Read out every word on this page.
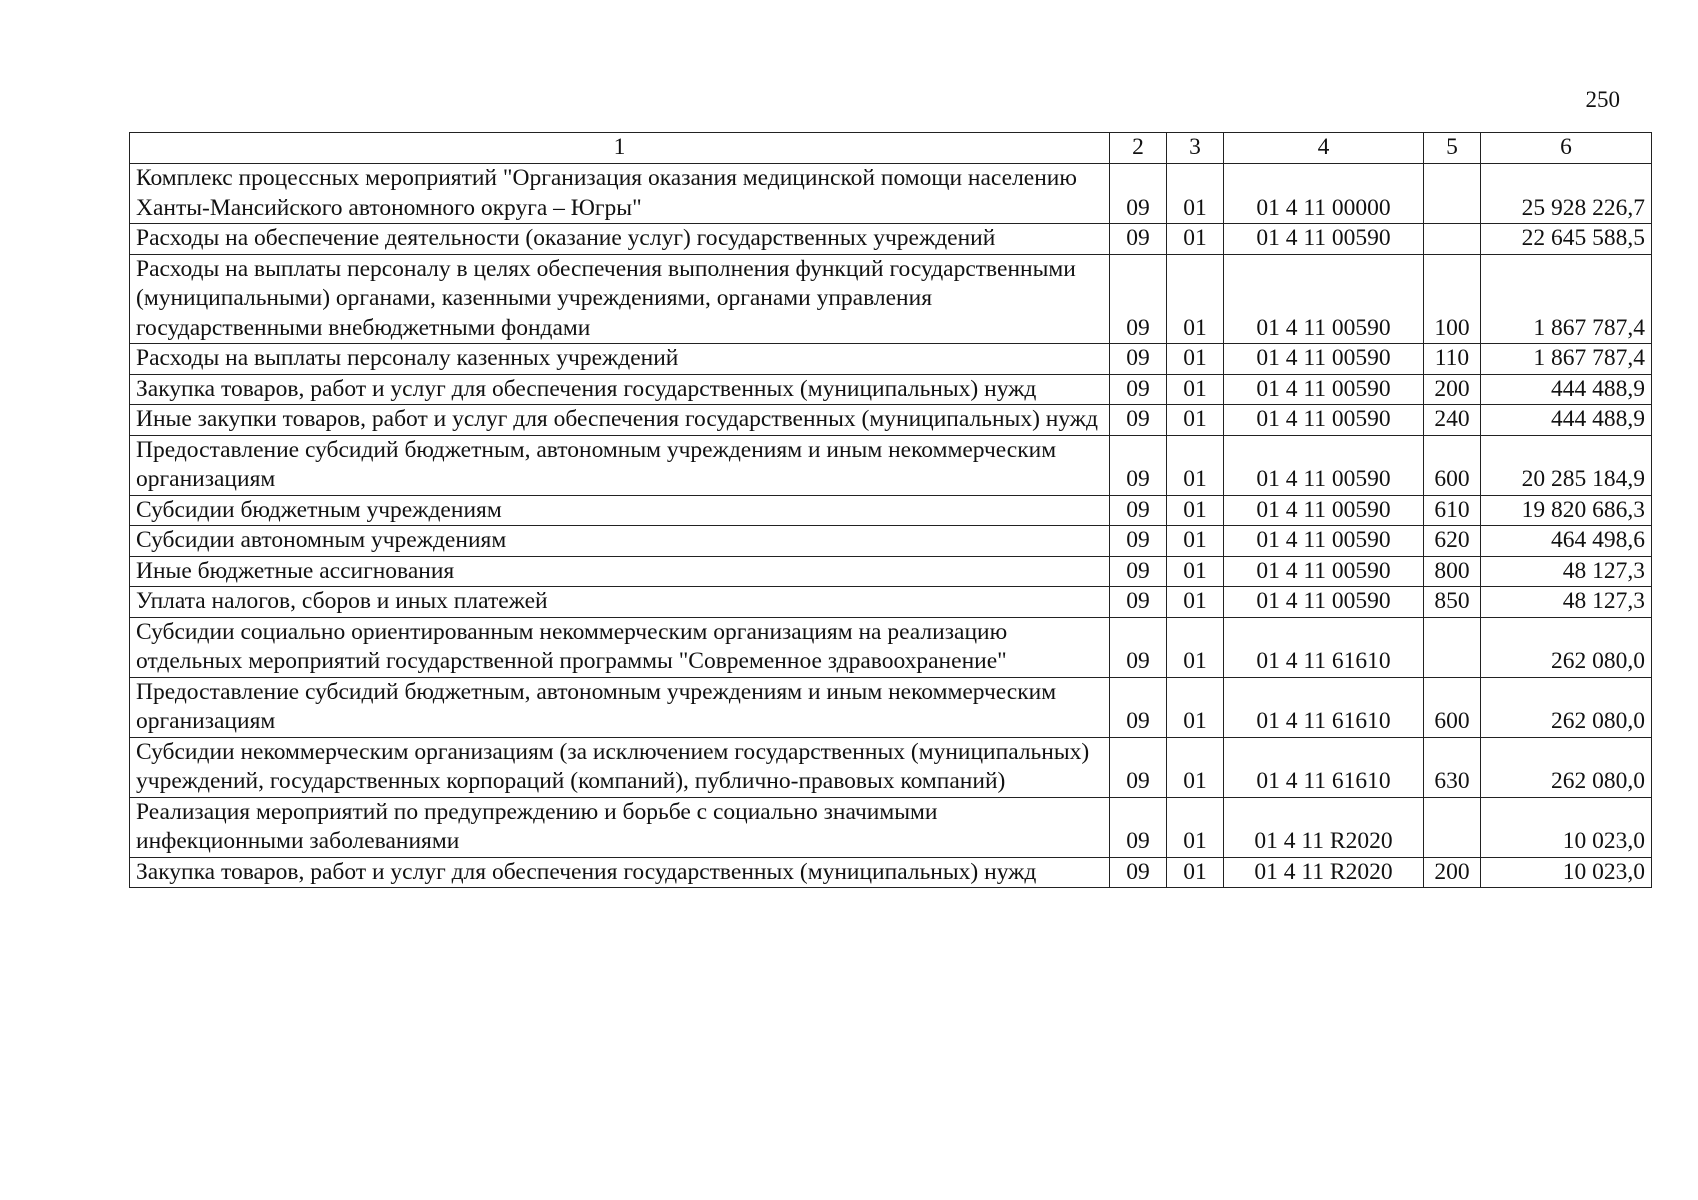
250
1	2	3	4	5	6
Комплекс процессных мероприятий "Организация оказания медицинской помощи населению Ханты-Мансийского автономного округа – Югры"	09	01	01 4 11 00000		25 928 226,7
Расходы на обеспечение деятельности (оказание услуг) государственных учреждений	09	01	01 4 11 00590		22 645 588,5
Расходы на выплаты персоналу в целях обеспечения выполнения функций государственными (муниципальными) органами, казенными учреждениями, органами управления государственными внебюджетными фондами	09	01	01 4 11 00590	100	1 867 787,4
Расходы на выплаты персоналу казенных учреждений	09	01	01 4 11 00590	110	1 867 787,4
Закупка товаров, работ и услуг для обеспечения государственных (муниципальных) нужд	09	01	01 4 11 00590	200	444 488,9
Иные закупки товаров, работ и услуг для обеспечения государственных (муниципальных) нужд	09	01	01 4 11 00590	240	444 488,9
Предоставление субсидий бюджетным, автономным учреждениям и иным некоммерческим организациям	09	01	01 4 11 00590	600	20 285 184,9
Субсидии бюджетным учреждениям	09	01	01 4 11 00590	610	19 820 686,3
Субсидии автономным учреждениям	09	01	01 4 11 00590	620	464 498,6
Иные бюджетные ассигнования	09	01	01 4 11 00590	800	48 127,3
Уплата налогов, сборов и иных платежей	09	01	01 4 11 00590	850	48 127,3
Субсидии социально ориентированным некоммерческим организациям на реализацию отдельных мероприятий государственной программы "Современное здравоохранение"	09	01	01 4 11 61610		262 080,0
Предоставление субсидий бюджетным, автономным учреждениям и иным некоммерческим организациям	09	01	01 4 11 61610	600	262 080,0
Субсидии некоммерческим организациям (за исключением государственных (муниципальных) учреждений, государственных корпораций (компаний), публично-правовых компаний)	09	01	01 4 11 61610	630	262 080,0
Реализация мероприятий по предупреждению и борьбе с социально значимыми инфекционными заболеваниями	09	01	01 4 11 R2020		10 023,0
Закупка товаров, работ и услуг для обеспечения государственных (муниципальных) нужд	09	01	01 4 11 R2020	200	10 023,0
